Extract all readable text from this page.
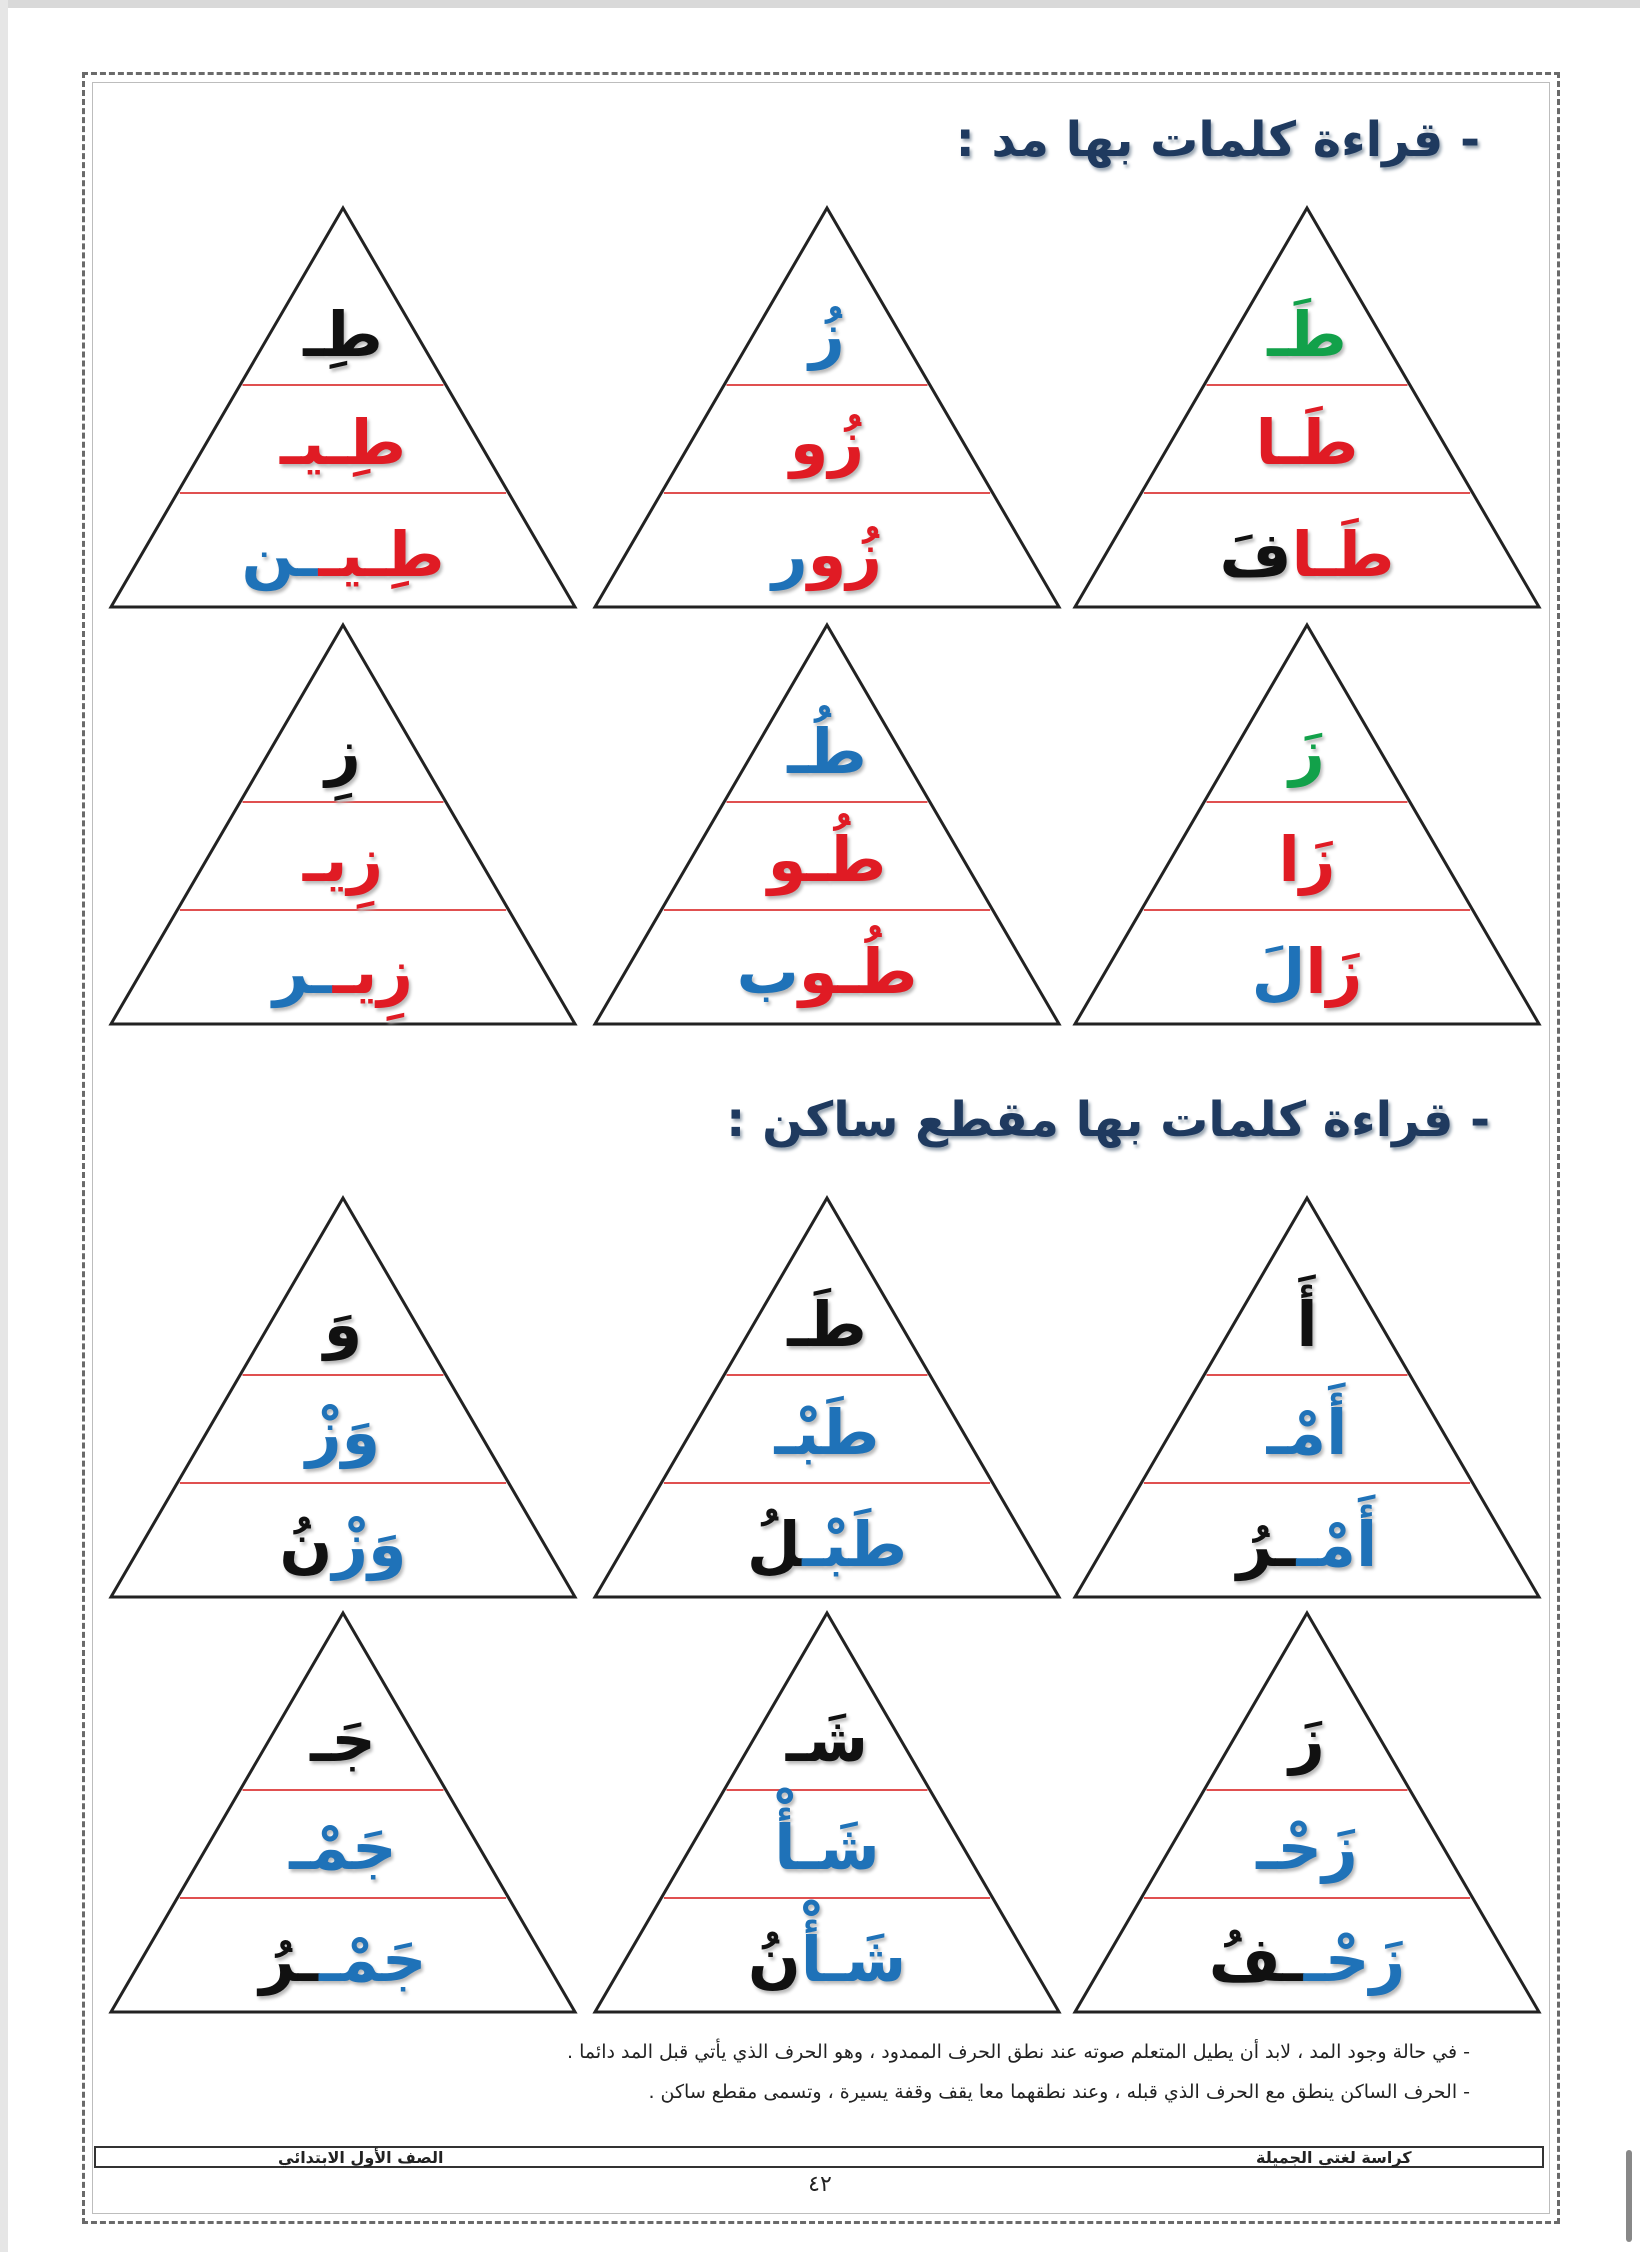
- قراءة كلمات بها مد :
- قراءة كلمات بها مقطع ساكن :
طَـ
طَـا
طَـافَ
زُ
زُو
زُور
طِـ
طِـيـ
طِـيــن
زَ
زَا
زَالَ
طُـ
طُـو
طُـوب
زِ
زِيـ
زِيــر
أَ
أَمْـ
أَمْــرُ
طَـ
طَبْـ
طَبْـلُ
وَ
وَزْ
وَزْنُ
زَ
زَحْـ
زَحْــفُ
شَـ
شَـأْ
شَـأْنُ
جَـ
جَمْـ
جَمْــرُ
- في حالة وجود المد ، لابد أن يطيل المتعلم صوته عند نطق الحرف الممدود ، وهو الحرف الذي يأتي قبل المد دائما .
- الحرف الساكن ينطق مع الحرف الذي قبله ، وعند نطقهما معا يقف وقفة يسيرة ، وتسمى مقطع ساكن .
الصف الأول الابتدائي	كراسة لغتي الجميلة
٤٢
